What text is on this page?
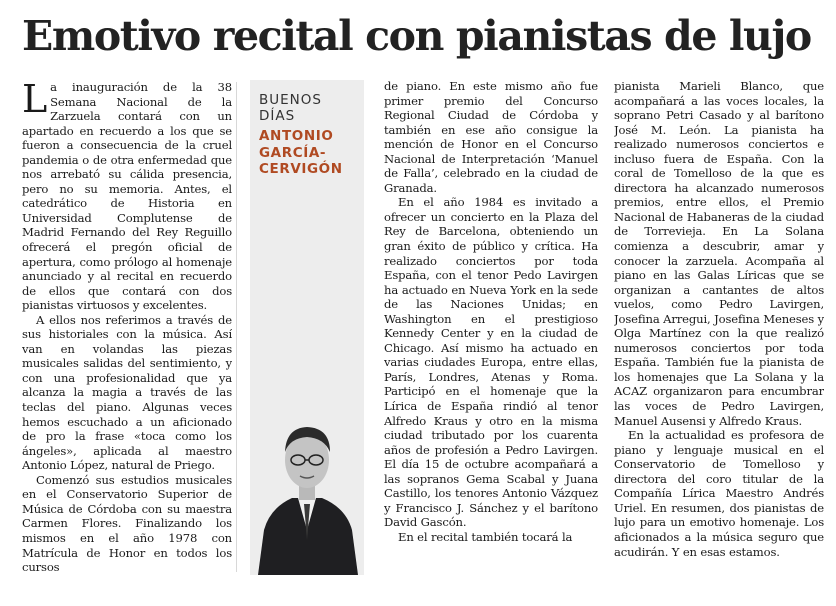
Emotivo recital con pianistas de lujo

La inauguración de la 38 Semana Nacional de la Zarzuela contará con un apartado en recuerdo a los que se fueron a consecuencia de la cruel pandemia o de otra enfermedad que nos arrebató su cálida presencia, pero no su memoria. Antes, el catedrático de Historia en Universidad Complutense de Madrid Fernando del Rey Reguillo ofrecerá el pregón oficial de apertura, como prólogo al homenaje anunciado y al recital en recuerdo de ellos que contará con dos pianistas virtuosos y excelentes.

A ellos nos referimos a través de sus historiales con la música. Así van en volandas las piezas musicales salidas del sentimiento, y con una profesionalidad que ya alcanza la magia a través de las teclas del piano. Algunas veces hemos escuchado a un aficionado de pro la frase «toca como los ángeles», aplicada al maestro Antonio López, natural de Priego.

Comenzó sus estudios musicales en el Conservatorio Superior de Música de Córdoba con su maestra Carmen Flores. Finalizando los mismos en el año 1978 con Matrícula de Honor en todos los cursos

BUENOS
DÍAS
ANTONIO
GARCÍA-
CERVIGÓN

de piano. En este mismo año fue primer premio del Concurso Regional Ciudad de Córdoba y también en ese año consigue la mención de Honor en el Concurso Nacional de Interpretación ‘Manuel de Falla’, celebrado en la ciudad de Granada.

En el año 1984 es invitado a ofrecer un concierto en la Plaza del Rey de Barcelona, obteniendo un gran éxito de público y crítica. Ha realizado conciertos por toda España, con el tenor Pedo Lavirgen ha actuado en Nueva York en la sede de las Naciones Unidas; en Washington en el prestigioso Kennedy Center y en la ciudad de Chicago. Así mismo ha actuado en varias ciudades Europa, entre ellas, París, Londres, Atenas y Roma. Participó en el homenaje que la Lírica de España rindió al tenor Alfredo Kraus y otro en la misma ciudad tributado por los cuarenta años de profesión a Pedro Lavirgen. El día 15 de octubre acompañará a las sopranos Gema Scabal y Juana Castillo, los tenores Antonio Vázquez y Francisco J. Sánchez y el barítono David Gascón.

En el recital también tocará la

pianista Marieli Blanco, que acompañará a las voces locales, la soprano Petri Casado y al barítono José M. León. La pianista ha realizado numerosos conciertos e incluso fuera de España. Con la coral de Tomelloso de la que es directora ha alcanzado numerosos premios, entre ellos, el Premio Nacional de Habaneras de la ciudad de Torrevieja. En La Solana comienza a descubrir, amar y conocer la zarzuela. Acompaña al piano en las Galas Líricas que se organizan a cantantes de altos vuelos, como Pedro Lavirgen, Josefina Arregui, Josefina Meneses y Olga Martínez con la que realizó numerosos conciertos por toda España. También fue la pianista de los homenajes que La Solana y la ACAZ organizaron para encumbrar las voces de Pedro Lavirgen, Manuel Ausensi y Alfredo Kraus.

En la actualidad es profesora de piano y lenguaje musical en el Conservatorio de Tomelloso y directora del coro titular de la Compañía Lírica Maestro Andrés Uriel. En resumen, dos pianistas de lujo para un emotivo homenaje. Los aficionados a la música seguro que acudirán. Y en esas estamos.
